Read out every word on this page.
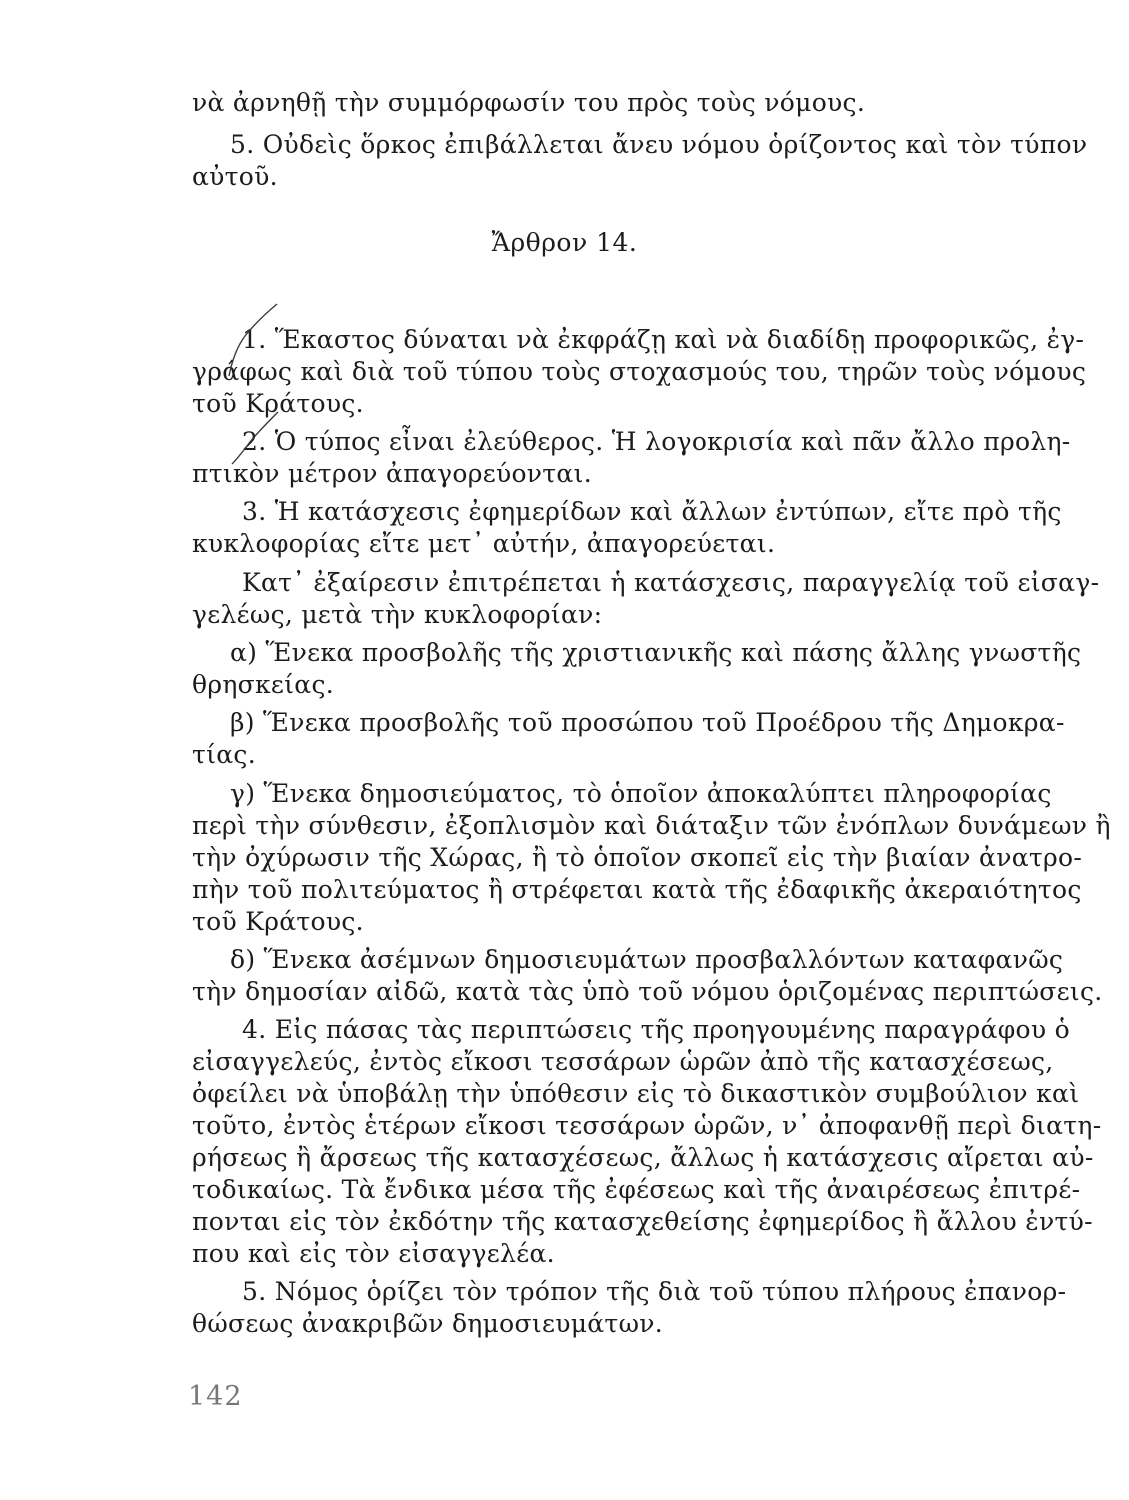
νὰ ἀρνηθῇ τὴν συμμόρφωσίν του πρὸς τοὺς νόμους.
5. Οὐδεὶς ὅρκος ἐπιβάλλεται ἄνευ νόμου ὁρίζοντος καὶ τὸν τύπον
αὐτοῦ.
Ἄρθρον 14.
1. Ἕκαστος δύναται νὰ ἐκφράζῃ καὶ νὰ διαδίδῃ προφορικῶς, ἐγ-
γράφως καὶ διὰ τοῦ τύπου τοὺς στοχασμούς του, τηρῶν τοὺς νόμους
τοῦ Κράτους.
2. Ὁ τύπος εἶναι ἐλεύθερος. Ἡ λογοκρισία καὶ πᾶν ἄλλο προλη-
πτικὸν μέτρον ἀπαγορεύονται.
3. Ἡ κατάσχεσις ἐφημερίδων καὶ ἄλλων ἐντύπων, εἴτε πρὸ τῆς
κυκλοφορίας εἴτε μετ᾽ αὐτήν, ἀπαγορεύεται.
Κατ᾽ ἐξαίρεσιν ἐπιτρέπεται ἡ κατάσχεσις, παραγγελίᾳ τοῦ εἰσαγ-
γελέως, μετὰ τὴν κυκλοφορίαν:
α) Ἕνεκα προσβολῆς τῆς χριστιανικῆς καὶ πάσης ἄλλης γνωστῆς
θρησκείας.
β) Ἕνεκα προσβολῆς τοῦ προσώπου τοῦ Προέδρου τῆς Δημοκρα-
τίας.
γ) Ἕνεκα δημοσιεύματος, τὸ ὁποῖον ἀποκαλύπτει πληροφορίας
περὶ τὴν σύνθεσιν, ἐξοπλισμὸν καὶ διάταξιν τῶν ἐνόπλων δυνάμεων ἢ
τὴν ὀχύρωσιν τῆς Χώρας, ἢ τὸ ὁποῖον σκοπεῖ εἰς τὴν βιαίαν ἀνατρο-
πὴν τοῦ πολιτεύματος ἢ στρέφεται κατὰ τῆς ἐδαφικῆς ἀκεραιότητος
τοῦ Κράτους.
δ) Ἕνεκα ἀσέμνων δημοσιευμάτων προσβαλλόντων καταφανῶς
τὴν δημοσίαν αἰδῶ, κατὰ τὰς ὑπὸ τοῦ νόμου ὁριζομένας περιπτώσεις.
4. Εἰς πάσας τὰς περιπτώσεις τῆς προηγουμένης παραγράφου ὁ
εἰσαγγελεύς, ἐντὸς εἴκοσι τεσσάρων ὡρῶν ἀπὸ τῆς κατασχέσεως,
ὀφείλει νὰ ὑποβάλῃ τὴν ὑπόθεσιν εἰς τὸ δικαστικὸν συμβούλιον καὶ
τοῦτο, ἐντὸς ἑτέρων εἴκοσι τεσσάρων ὡρῶν, ν᾽ ἀποφανθῇ περὶ διατη-
ρήσεως ἢ ἄρσεως τῆς κατασχέσεως, ἄλλως ἡ κατάσχεσις αἴρεται αὐ-
τοδικαίως. Τὰ ἔνδικα μέσα τῆς ἐφέσεως καὶ τῆς ἀναιρέσεως ἐπιτρέ-
πονται εἰς τὸν ἐκδότην τῆς κατασχεθείσης ἐφημερίδος ἢ ἄλλου ἐντύ-
που καὶ εἰς τὸν εἰσαγγελέα.
5. Νόμος ὁρίζει τὸν τρόπον τῆς διὰ τοῦ τύπου πλήρους ἐπανορ-
θώσεως ἀνακριβῶν δημοσιευμάτων.
142
